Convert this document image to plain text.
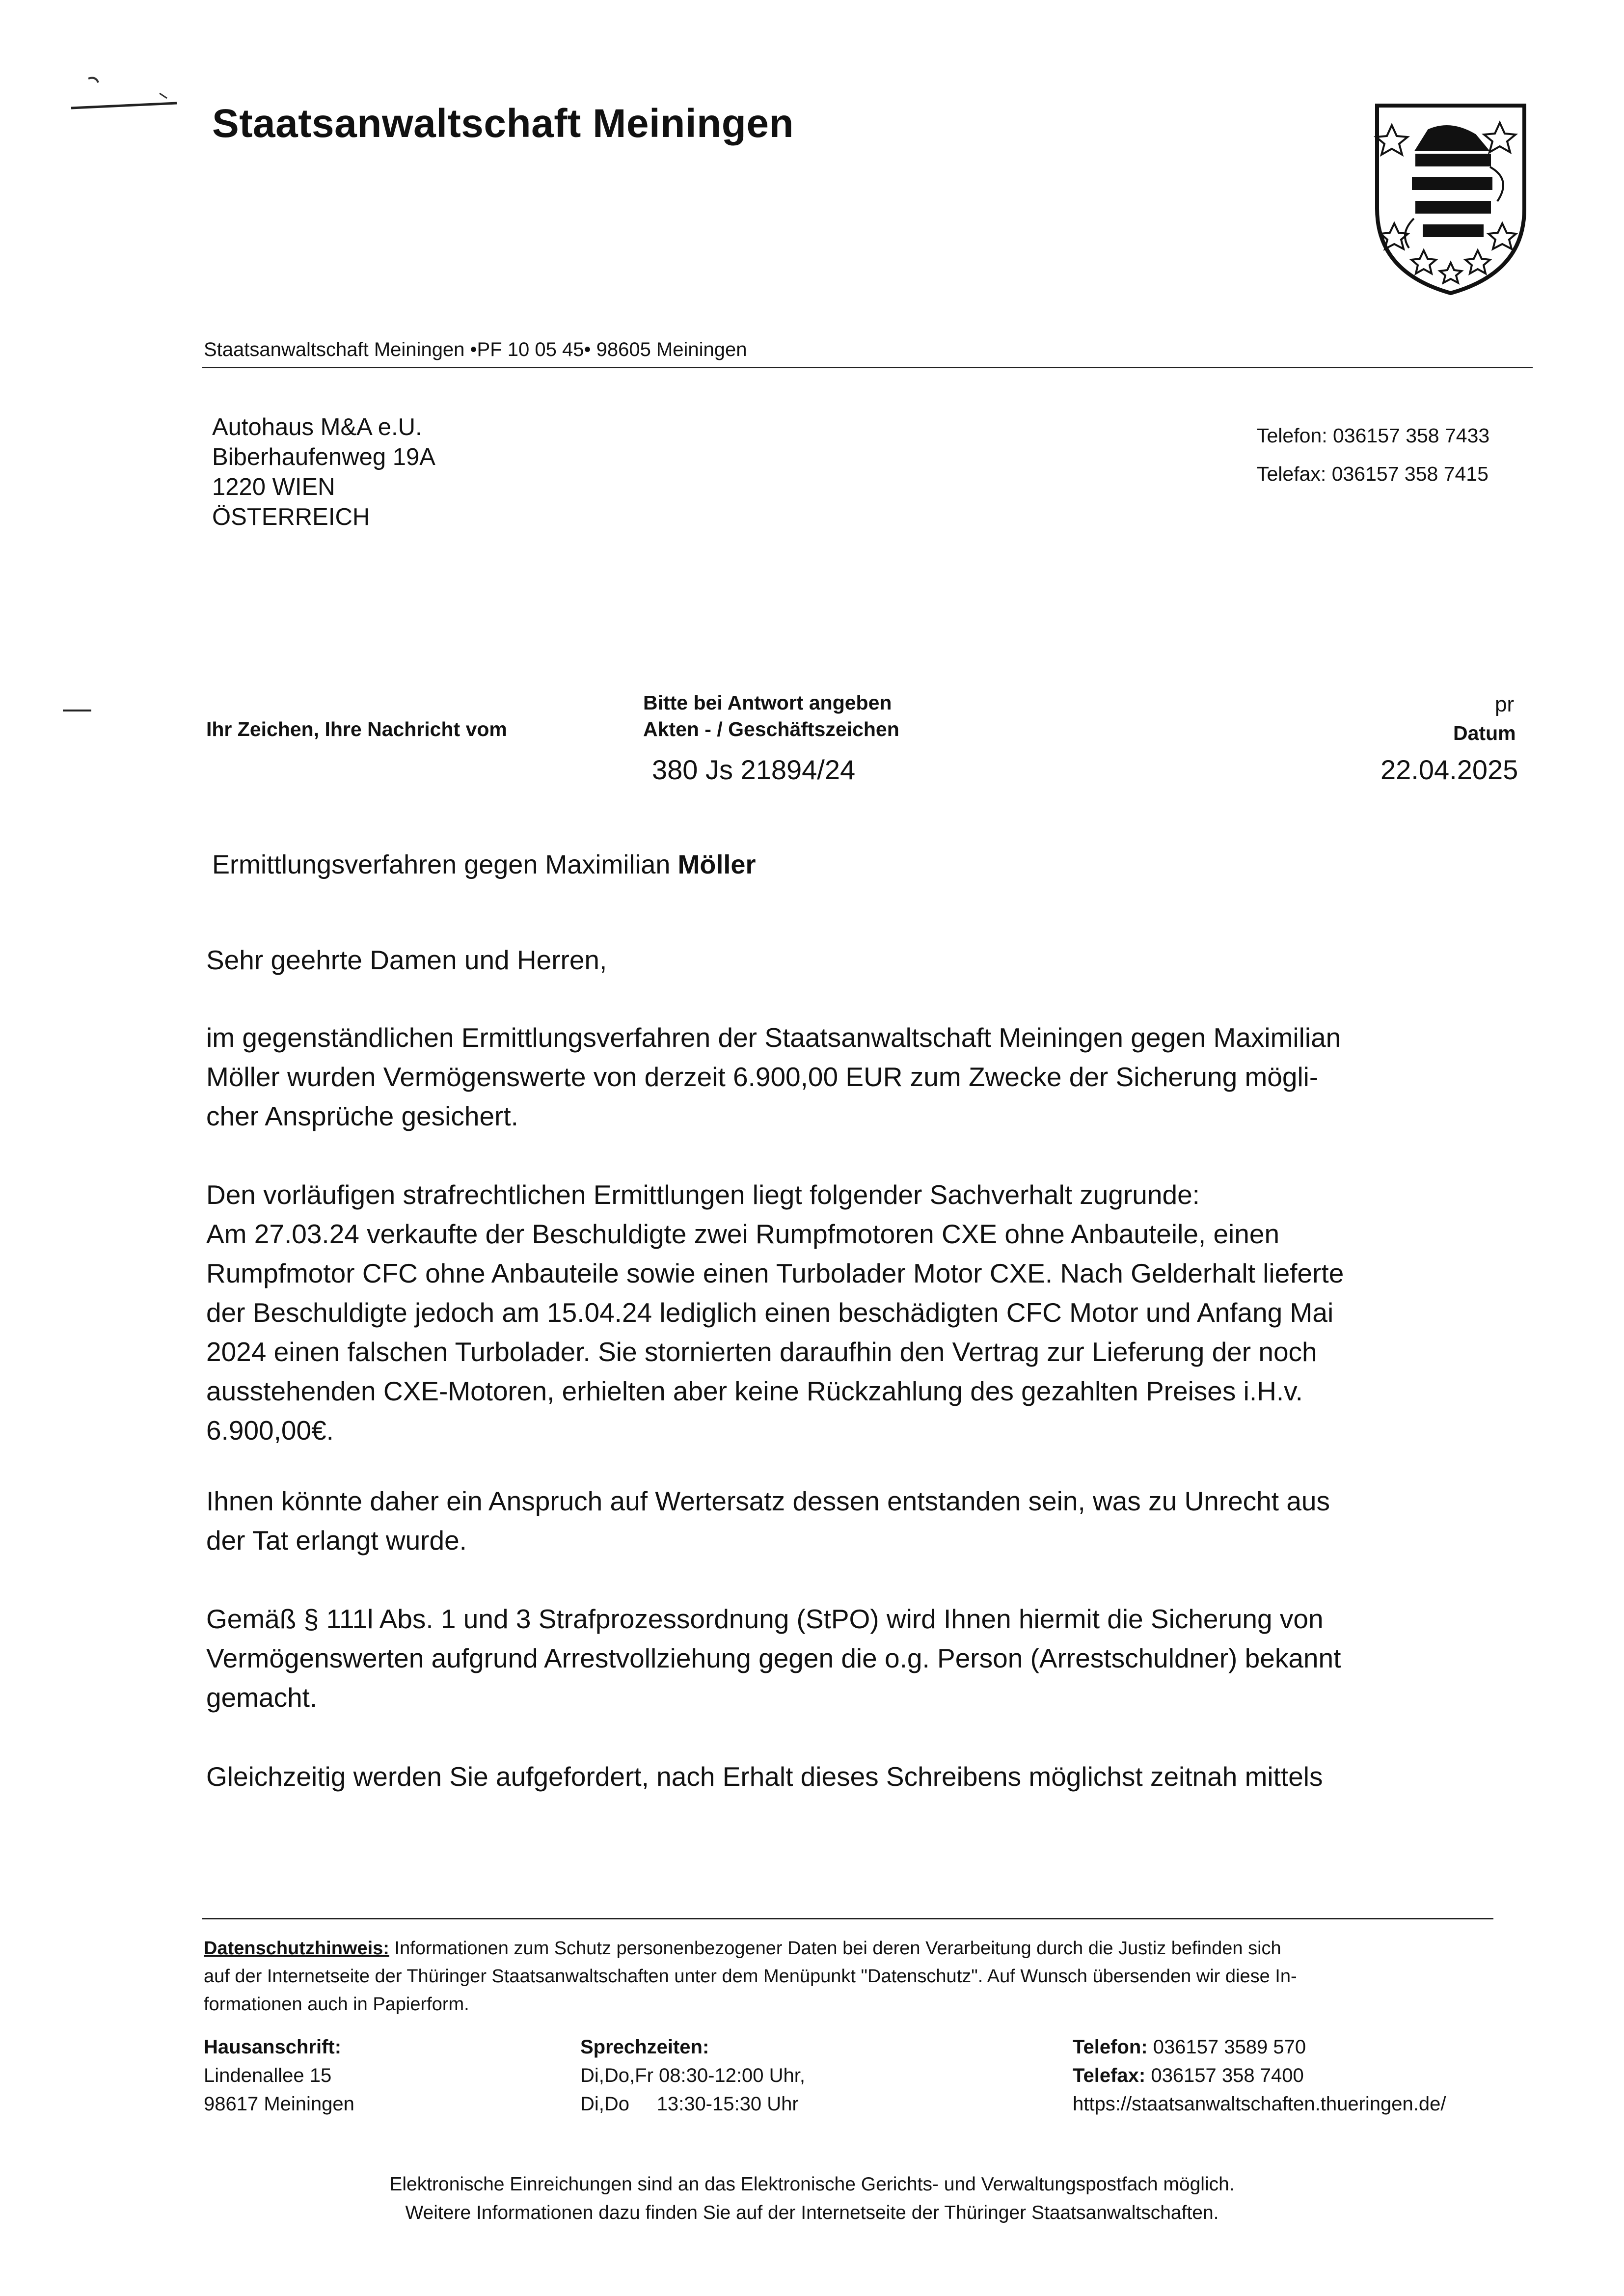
Staatsanwaltschaft Meiningen
Staatsanwaltschaft Meiningen •PF 10 05 45• 98605 Meiningen
Autohaus M&A e.U.
Biberhaufenweg 19A
1220 WIEN
ÖSTERREICH
Telefon: 036157 358 7433
Telefax: 036157 358 7415
Ihr Zeichen, Ihre Nachricht vom
Bitte bei Antwort angeben
Akten - / Geschäftszeichen
380 Js 21894/24
pr
Datum
22.04.2025
Ermittlungsverfahren gegen Maximilian Möller
Sehr geehrte Damen und Herren,
im gegenständlichen Ermittlungsverfahren der Staatsanwaltschaft Meiningen gegen Maximilian
Möller wurden Vermögenswerte von derzeit 6.900,00 EUR zum Zwecke der Sicherung mögli-
cher Ansprüche gesichert.
Den vorläufigen strafrechtlichen Ermittlungen liegt folgender Sachverhalt zugrunde:
Am 27.03.24 verkaufte der Beschuldigte zwei Rumpfmotoren CXE ohne Anbauteile, einen
Rumpfmotor CFC ohne Anbauteile sowie einen Turbolader Motor CXE. Nach Gelderhalt lieferte
der Beschuldigte jedoch am 15.04.24 lediglich einen beschädigten CFC Motor und Anfang Mai
2024 einen falschen Turbolader. Sie stornierten daraufhin den Vertrag zur Lieferung der noch
ausstehenden CXE-Motoren, erhielten aber keine Rückzahlung des gezahlten Preises i.H.v.
6.900,00€.
Ihnen könnte daher ein Anspruch auf Wertersatz dessen entstanden sein, was zu Unrecht aus
der Tat erlangt wurde.
Gemäß § 111l Abs. 1 und 3 Strafprozessordnung (StPO) wird Ihnen hiermit die Sicherung von
Vermögenswerten aufgrund Arrestvollziehung gegen die o.g. Person (Arrestschuldner) bekannt
gemacht.
Gleichzeitig werden Sie aufgefordert, nach Erhalt dieses Schreibens möglichst zeitnah mittels
Datenschutzhinweis: Informationen zum Schutz personenbezogener Daten bei deren Verarbeitung durch die Justiz befinden sich
auf der Internetseite der Thüringer Staatsanwaltschaften unter dem Menüpunkt "Datenschutz". Auf Wunsch übersenden wir diese In-
formationen auch in Papierform.
Hausanschrift:
Lindenallee 15
98617 Meiningen
Sprechzeiten:
Di,Do,Fr 08:30-12:00 Uhr,
Di,Do     13:30-15:30 Uhr
Telefon: 036157 3589 570
Telefax: 036157 358 7400
https://staatsanwaltschaften.thueringen.de/
Elektronische Einreichungen sind an das Elektronische Gerichts- und Verwaltungspostfach möglich.
Weitere Informationen dazu finden Sie auf der Internetseite der Thüringer Staatsanwaltschaften.
